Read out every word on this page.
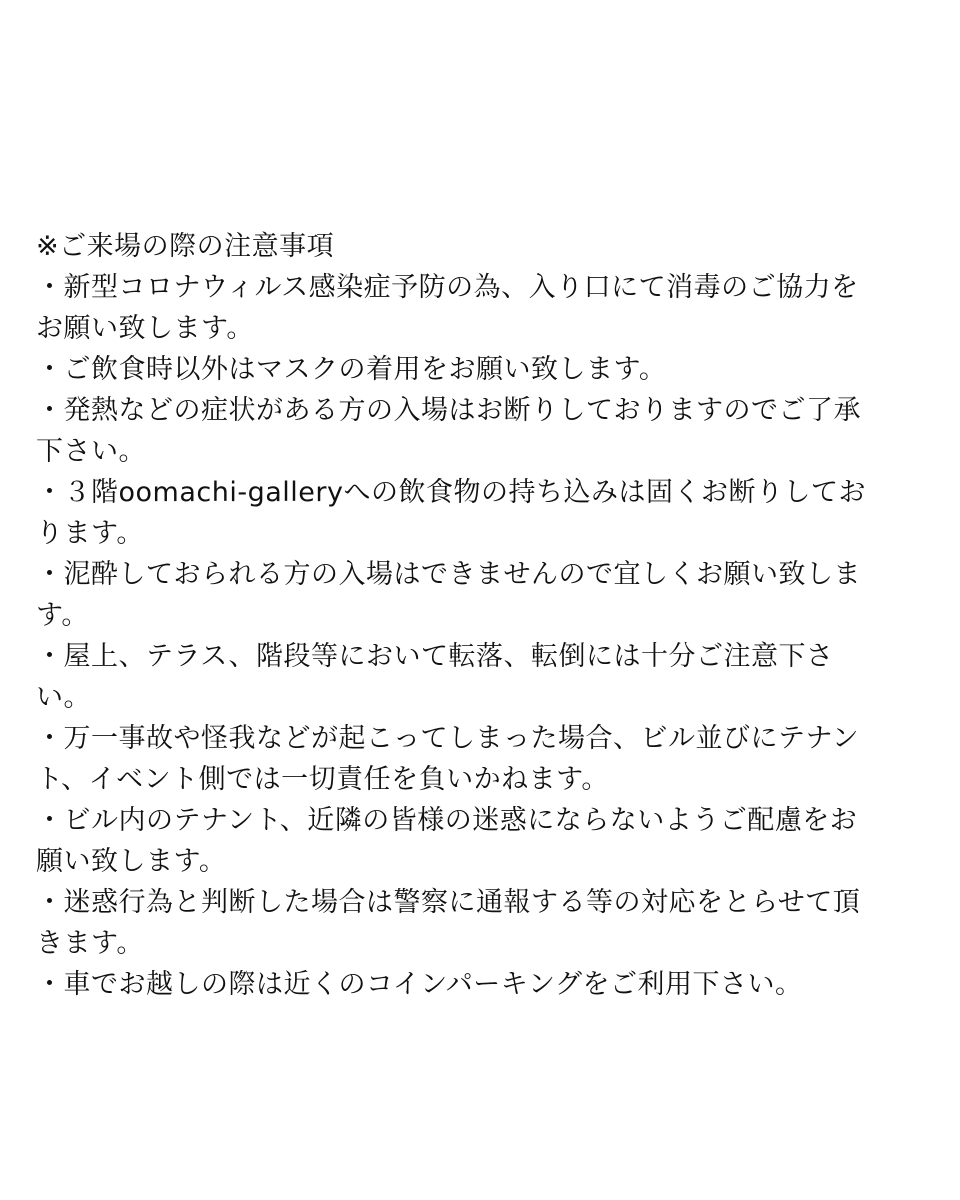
※ご来場の際の注意事項
・新型コロナウィルス感染症予防の為、入り口にて消毒のご協力を
お願い致します。
・ご飲食時以外はマスクの着用をお願い致します。
・発熱などの症状がある方の入場はお断りしておりますのでご了承
下さい。
・３階oomachi-galleryへの飲食物の持ち込みは固くお断りしてお
ります。
・泥酔しておられる方の入場はできませんので宜しくお願い致しま
す。
・屋上、テラス、階段等において転落、転倒には十分ご注意下さ
い。
・万一事故や怪我などが起こってしまった場合、ビル並びにテナン
ト、イベント側では一切責任を負いかねます。
・ビル内のテナント、近隣の皆様の迷惑にならないようご配慮をお
願い致します。
・迷惑行為と判断した場合は警察に通報する等の対応をとらせて頂
きます。
・車でお越しの際は近くのコインパーキングをご利用下さい。
